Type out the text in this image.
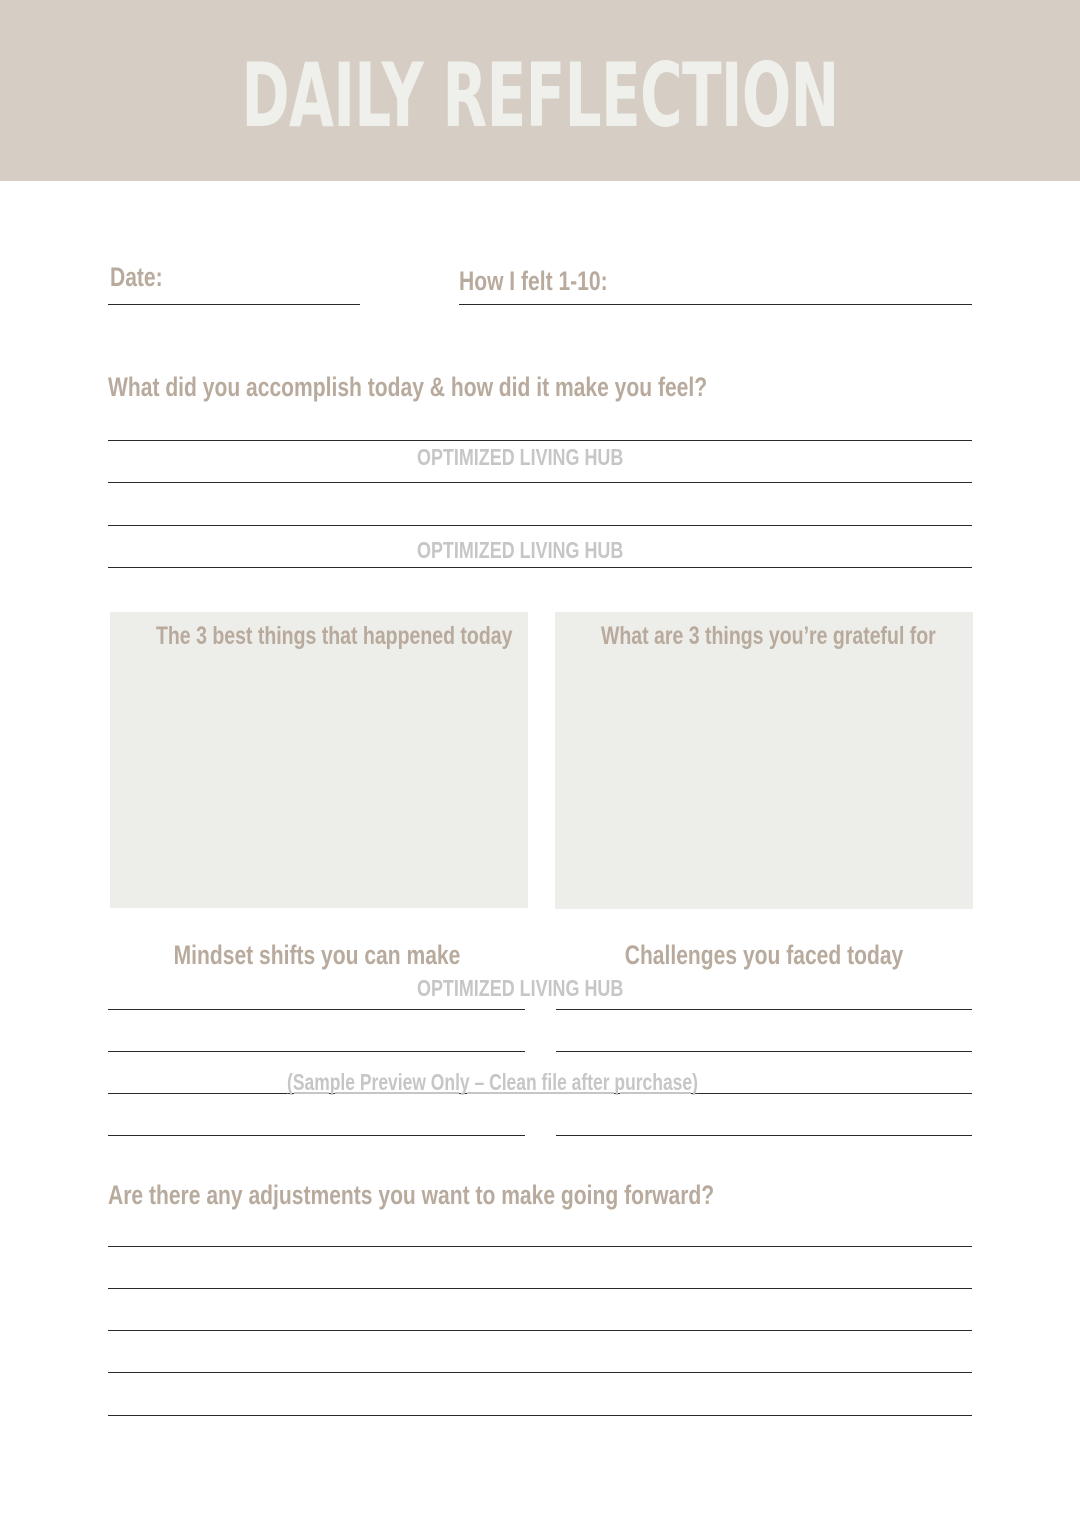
DAILY REFLECTION
Date:	How I felt 1-10:
What did you accomplish today & how did it make you feel?
OPTIMIZED LIVING HUB
OPTIMIZED LIVING HUB
The 3 best things that happened today	What are 3 things you’re grateful for
Mindset shifts you can make	Challenges you faced today
OPTIMIZED LIVING HUB
(Sample Preview Only – Clean file after purchase)
Are there any adjustments you want to make going forward?
